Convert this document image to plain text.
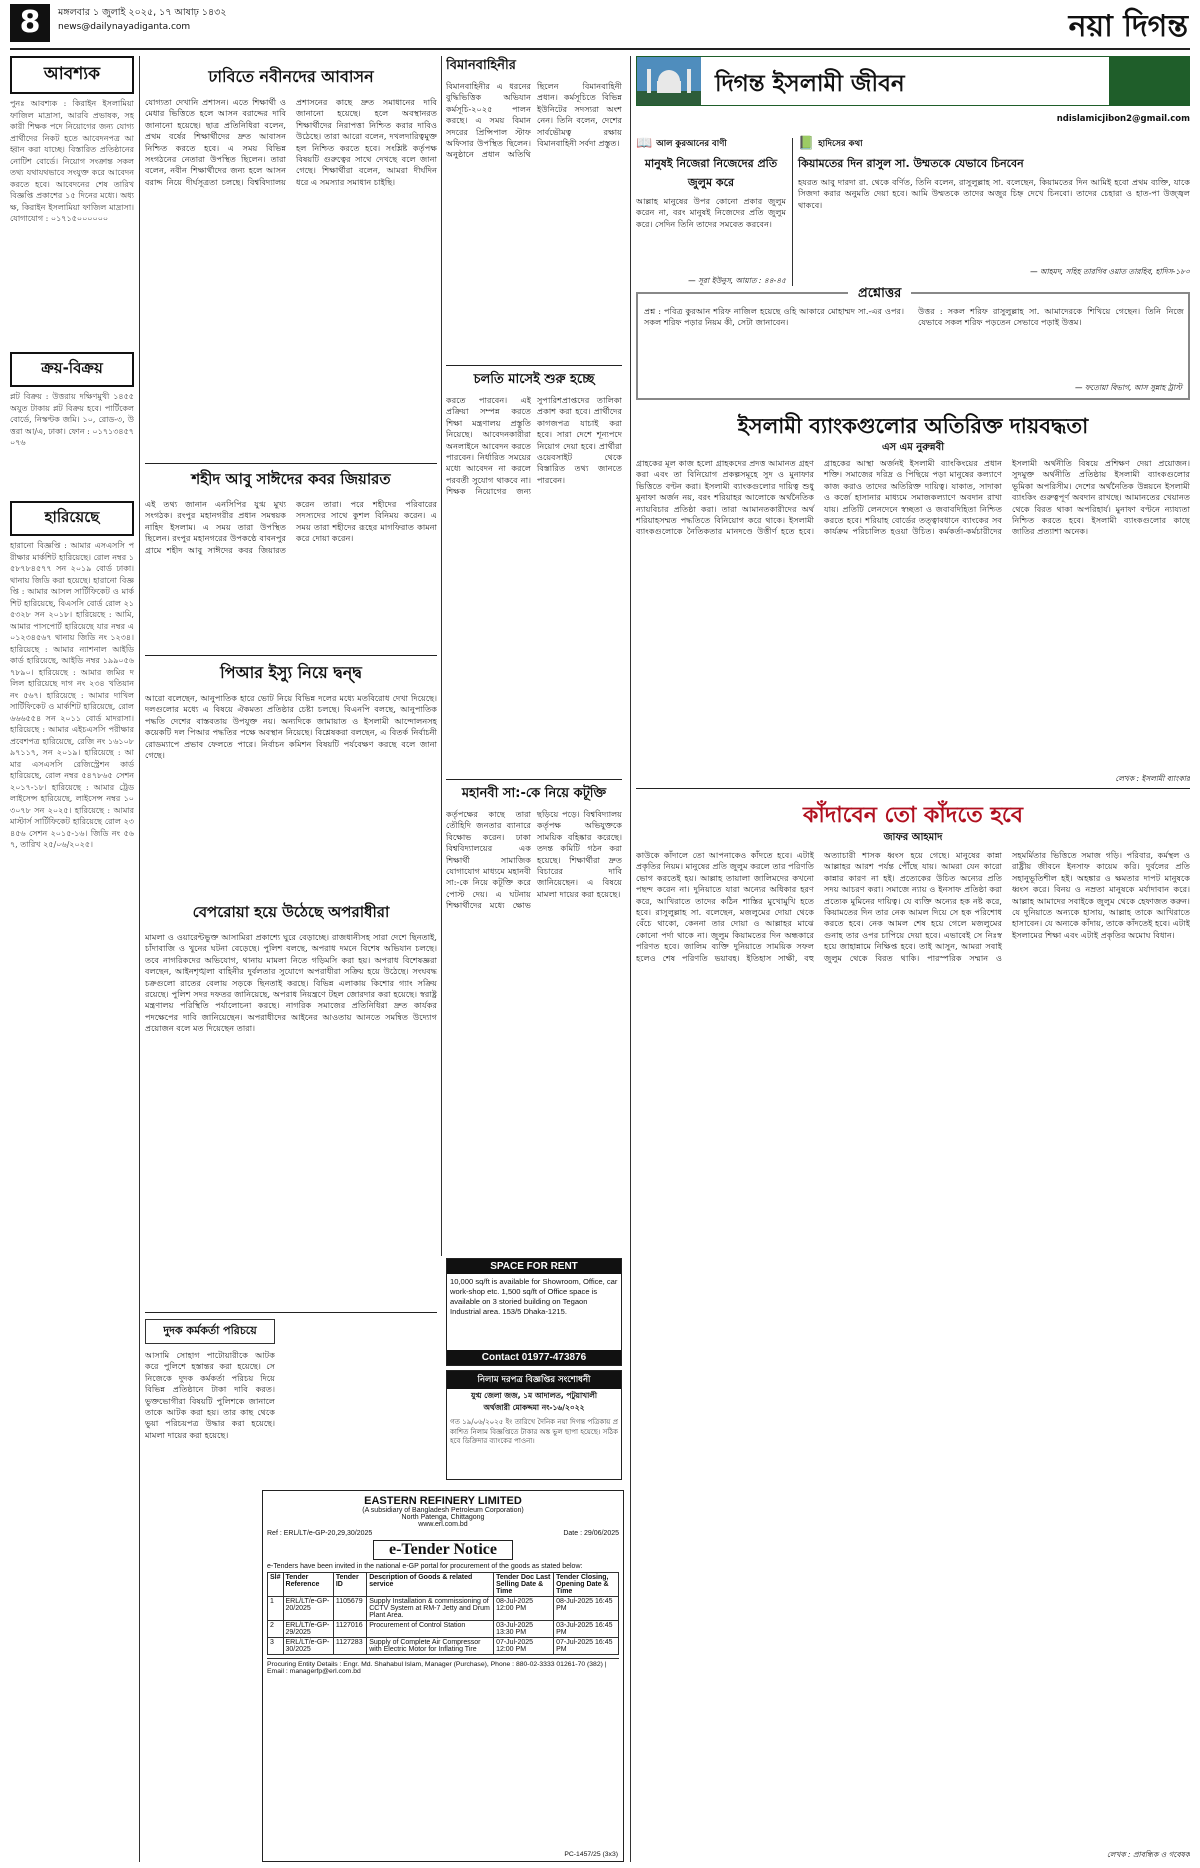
8	মঙ্গলবার ১ জুলাই ২০২৫, ১৭ আষাঢ় ১৪৩২
news@dailynayadiganta.com	নয়া দিগন্ত
আবশ্যক
পুনঃ আবশ্যক : কিরাইন ইসলামিয়া ফাজিল মাদ্রাসা, আরবি প্রভাষক, সহকারী শিক্ষক পদে নিয়োগের জন্য যোগ্য প্রার্থীদের নিকট হতে আবেদনপত্র আহ্বান করা যাচ্ছে। বিস্তারিত প্রতিষ্ঠানের নোটিশ বোর্ডে। নিয়োগ সংক্রান্ত সকল তথ্য যথাযথভাবে সংযুক্ত করে আবেদন করতে হবে। আবেদনের শেষ তারিখ বিজ্ঞপ্তি প্রকাশের ১৫ দিনের মধ্যে। অধ্যক্ষ, কিরাইন ইসলামিয়া ফাজিল মাদ্রাসা। যোগাযোগ : ০১৭১৫০০০০০০
ক্রয়-বিক্রয়
প্লট বিক্রয় : উত্তরায় দক্ষিণমুখী ১৪৫৫ অযুত টাকায় প্লট বিক্রয় হবে। পার্টিকেল বোর্ডে, নিস্কণ্টক জমি। ১০, রোড-৩, উত্তরা আ/এ, ঢাকা। ফোন : ০১৭১৩৪৫৭০৭৬
হারিয়েছে
হারানো বিজ্ঞপ্তি : আমার এসএসসি পরীক্ষার মার্কশিট হারিয়েছে। রোল নম্বর ১৫৮৭৮৪৫৭৭ সন ২০১৯ বোর্ড ঢাকা। থানায় জিডি করা হয়েছে। হারানো বিজ্ঞপ্তি : আমার আসল সার্টিফিকেট ও মার্কশিট হারিয়েছে, বিএসসি বোর্ড রোল ২১৫৩২৮ সন ২০১৮। হারিয়েছে : আমি, আমার পাসপোর্ট হারিয়েছে যার নম্বর এ০১২৩৪৫৬৭ থানায় জিডি নং ১২৩৪। হারিয়েছে : আমার ন্যাশনাল আইডি কার্ড হারিয়েছে, আইডি নম্বর ১৯৯০৫৬৭৮৯০। হারিয়েছে : আমার জমির দলিল হারিয়েছে দাগ নং ২৩৪ খতিয়ান নং ৫৬৭। হারিয়েছে : আমার দাখিল সার্টিফিকেট ও মার্কশিট হারিয়েছে, রোল ৬৬৬৫৫৪ সন ২০১১ বোর্ড মাদরাসা। হারিয়েছে : আমার এইচএসসি পরীক্ষার প্রবেশপত্র হারিয়েছে, রেজি নং ১৬১০৮৯৭১১৭, সন ২০১৯। হারিয়েছে : আমার এসএসসি রেজিস্ট্রেশন কার্ড হারিয়েছে, রোল নম্বর ৫৪৭৮৬৫ সেশন ২০১৭-১৮। হারিয়েছে : আমার ট্রেড লাইসেন্স হারিয়েছে, লাইসেন্স নম্বর ১০৩০৭৮ সন ২০২৫। হারিয়েছে : আমার মাস্টার্স সার্টিফিকেট হারিয়েছে রোল ২৩৪৫৬ সেশন ২০১৫-১৬। জিডি নং ৫৬৭, তারিখ ২৫/০৬/২০২৫।
ঢাবিতে নবীনদের আবাসন
যোগ্যতা দেখানি প্রশাসন। এতে শিক্ষার্থী ও মেধার ভিত্তিতে হলে আসন বরাদ্দের দাবি জানানো হয়েছে। ছাত্র প্রতিনিধিরা বলেন, প্রথম বর্ষের শিক্ষার্থীদের দ্রুত আবাসন নিশ্চিত করতে হবে। এ সময় বিভিন্ন সংগঠনের নেতারা উপস্থিত ছিলেন। তারা বলেন, নবীন শিক্ষার্থীদের জন্য হলে আসন বরাদ্দ নিয়ে দীর্ঘসূত্রতা চলছে। বিশ্ববিদ্যালয় প্রশাসনের কাছে দ্রুত সমাধানের দাবি জানানো হয়েছে। হলে অবস্থানরত শিক্ষার্থীদের নিরাপত্তা নিশ্চিত করার দাবিও উঠেছে। তারা আরো বলেন, দখলদারিত্বমুক্ত হল নিশ্চিত করতে হবে। সংশ্লিষ্ট কর্তৃপক্ষ বিষয়টি গুরুত্বের সাথে দেখছে বলে জানা গেছে। শিক্ষার্থীরা বলেন, আমরা দীর্ঘদিন ধরে এ সমস্যার সমাধান চাইছি।
শহীদ আবু সাঈদের কবর জিয়ারত
এই তথ্য জানান এনসিপির যুগ্ম মুখ্য সংগঠক। রংপুর মহানগরীর প্রধান সমন্বয়ক নাহিদ ইসলাম। এ সময় তারা উপস্থিত ছিলেন। রংপুর মহানগরের উপকণ্ঠে বাবনপুর গ্রামে শহীদ আবু সাঈদের কবর জিয়ারত করেন তারা। পরে শহীদের পরিবারের সদস্যদের সাথে কুশল বিনিময় করেন। এ সময় তারা শহীদের রূহের মাগফিরাত কামনা করে দোয়া করেন।
পিআর ইস্যু নিয়ে দ্বন্দ্ব
আরো বলেছেন, আনুপাতিক হারে ভোট নিয়ে বিভিন্ন দলের মধ্যে মতবিরোধ দেখা দিয়েছে। দলগুলোর মধ্যে এ বিষয়ে ঐকমত্য প্রতিষ্ঠার চেষ্টা চলছে। বিএনপি বলছে, আনুপাতিক পদ্ধতি দেশের বাস্তবতায় উপযুক্ত নয়। অন্যদিকে জামায়াত ও ইসলামী আন্দোলনসহ কয়েকটি দল পিআর পদ্ধতির পক্ষে অবস্থান নিয়েছে। বিশ্লেষকরা বলছেন, এ বিতর্ক নির্বাচনী রোডম্যাপে প্রভাব ফেলতে পারে। নির্বাচন কমিশন বিষয়টি পর্যবেক্ষণ করছে বলে জানা গেছে।
বেপরোয়া হয়ে উঠেছে অপরাধীরা
মামলা ও ওয়ারেন্টভুক্ত আসামিরা প্রকাশ্যে ঘুরে বেড়াচ্ছে। রাজধানীসহ সারা দেশে ছিনতাই, চাঁদাবাজি ও খুনের ঘটনা বেড়েছে। পুলিশ বলছে, অপরাধ দমনে বিশেষ অভিযান চলছে। তবে নাগরিকদের অভিযোগ, থানায় মামলা নিতে গড়িমসি করা হয়। অপরাধ বিশেষজ্ঞরা বলছেন, আইনশৃঙ্খলা বাহিনীর দুর্বলতার সুযোগে অপরাধীরা সক্রিয় হয়ে উঠেছে। সংঘবদ্ধ চক্রগুলো রাতের বেলায় সড়কে ছিনতাই করছে। বিভিন্ন এলাকায় কিশোর গ্যাং সক্রিয় রয়েছে। পুলিশ সদর দফতর জানিয়েছে, অপরাধ নিয়ন্ত্রণে টহল জোরদার করা হয়েছে। স্বরাষ্ট্র মন্ত্রণালয় পরিস্থিতি পর্যালোচনা করছে। নাগরিক সমাজের প্রতিনিধিরা দ্রুত কার্যকর পদক্ষেপের দাবি জানিয়েছেন। অপরাধীদের আইনের আওতায় আনতে সমন্বিত উদ্যোগ প্রয়োজন বলে মত দিয়েছেন তারা।
দুদক কর্মকর্তা পরিচয়ে
আসামি সোহাগ পাটোয়ারীকে আটক করে পুলিশে হস্তান্তর করা হয়েছে। সে নিজেকে দুদক কর্মকর্তা পরিচয় দিয়ে বিভিন্ন প্রতিষ্ঠানে টাকা দাবি করত। ভুক্তভোগীরা বিষয়টি পুলিশকে জানালে তাকে আটক করা হয়। তার কাছ থেকে ভুয়া পরিচয়পত্র উদ্ধার করা হয়েছে। মামলা দায়ের করা হয়েছে।
বিমানবাহিনীর
বিমানবাহিনীর এ ধরনের বুদ্ধিভিত্তিক অভিযান কর্মসূচি-২০২৫ পালন করছে। এ সময় বিমান সদরের প্রিন্সিপাল স্টাফ অফিসার উপস্থিত ছিলেন। অনুষ্ঠানে প্রধান অতিথি ছিলেন বিমানবাহিনী প্রধান। কর্মসূচিতে বিভিন্ন ইউনিটের সদস্যরা অংশ নেন। তিনি বলেন, দেশের সার্বভৌমত্ব রক্ষায় বিমানবাহিনী সর্বদা প্রস্তুত।
চলতি মাসেই শুরু হচ্ছে
করতে পারবেন। এই প্রক্রিয়া সম্পন্ন করতে শিক্ষা মন্ত্রণালয় প্রস্তুতি নিয়েছে। আবেদনকারীরা অনলাইনে আবেদন করতে পারবেন। নির্ধারিত সময়ের মধ্যে আবেদন না করলে পরবর্তী সুযোগ থাকবে না। শিক্ষক নিয়োগের জন্য সুপারিশপ্রাপ্তদের তালিকা প্রকাশ করা হবে। প্রার্থীদের কাগজপত্র যাচাই করা হবে। সারা দেশে শূন্যপদে নিয়োগ দেয়া হবে। প্রার্থীরা ওয়েবসাইট থেকে বিস্তারিত তথ্য জানতে পারবেন।
মহানবী সা:-কে নিয়ে কটূক্তি
কর্তৃপক্ষের কাছে তারা তৌহিদি জনতার ব্যানারে বিক্ষোভ করেন। ঢাকা বিশ্ববিদ্যালয়ের এক শিক্ষার্থী সামাজিক যোগাযোগ মাধ্যমে মহানবী সা:-কে নিয়ে কটূক্তি করে পোস্ট দেয়। এ ঘটনায় শিক্ষার্থীদের মধ্যে ক্ষোভ ছড়িয়ে পড়ে। বিশ্ববিদ্যালয় কর্তৃপক্ষ অভিযুক্তকে সাময়িক বহিষ্কার করেছে। তদন্ত কমিটি গঠন করা হয়েছে। শিক্ষার্থীরা দ্রুত বিচারের দাবি জানিয়েছেন। এ বিষয়ে মামলা দায়ের করা হয়েছে।
SPACE FOR RENT
10,000 sq/ft is available for Showroom, Office, car work-shop etc. 1,500 sq/ft of Office space is available on 3 storied building on Tegaon Industrial area. 153/5 Dhaka-1215.
Contact 01977-473876
নিলাম দরপত্র বিজ্ঞপ্তির সংশোধনী
যুগ্ম জেলা জজ, ১ম আদালত, পটুয়াখালী
অর্থজারী মোকদ্দমা নং-১৬/২০২২
গত ১৯/০৬/২০২৫ ইং তারিখে দৈনিক নয়া দিগন্ত পত্রিকায় প্রকাশিত নিলাম বিজ্ঞপ্তিতে টাকার অঙ্ক ভুল ছাপা হয়েছে। সঠিক হবে ডিক্রিদার ব্যাংকের পাওনা।
EASTERN REFINERY LIMITED
(A subsidiary of Bangladesh Petroleum Corporation)
North Patenga, Chittagong
www.erl.com.bd
Ref : ERL/LT/e-GP-20,29,30/2025	Date : 29/06/2025
e-Tender Notice
e-Tenders have been invited in the national e-GP portal for procurement of the goods as stated below:
Sl#	Tender Reference	Tender ID	Description of Goods & related service	Tender Doc Last Selling Date & Time	Tender Closing, Opening Date & Time
1	ERL/LT/e-GP-20/2025	1105679	Supply Installation & commissioning of CCTV System at RM-7 Jetty and Drum Plant Area.	08-Jul-2025 12:00 PM	08-Jul-2025 16:45 PM
2	ERL/LT/e-GP-29/2025	1127016	Procurement of Control Station	03-Jul-2025 13:30 PM	03-Jul-2025 16:45 PM
3	ERL/LT/e-GP-30/2025	1127283	Supply of Complete Air Compressor with Electric Motor for Inflating Tire	07-Jul-2025 12:00 PM	07-Jul-2025 16:45 PM
Procuring Entity Details : Engr. Md. Shahabul Islam, Manager (Purchase), Phone : 880-02-3333 01261-70 (382) | Email : managerfp@erl.com.bd
PC-1457/25 (3x3)
দিগন্ত ইসলামী জীবন
ndislamicjibon2@gmail.com
📖 আল কুরআনের বাণী
মানুষই নিজেরা নিজেদের প্রতি জুলুম করে
আল্লাহ মানুষের উপর কোনো প্রকার জুলুম করেন না, বরং মানুষই নিজেদের প্রতি জুলুম করে। সেদিন তিনি তাদের সমবেত করবেন।
— সূরা ইউনুস, আয়াত : ৪৪-৪৫
📗 হাদিসের কথা
কিয়ামতের দিন রাসুল সা. উম্মতকে যেভাবে চিনবেন
হযরত আবু দারদা রা. থেকে বর্ণিত, তিনি বলেন, রাসুলুল্লাহ সা. বলেছেন, কিয়ামতের দিন আমিই হবো প্রথম ব্যক্তি, যাকে সিজদা করার অনুমতি দেয়া হবে। আমি উম্মতকে তাদের অজুর চিহ্ন দেখে চিনবো। তাদের চেহারা ও হাত-পা উজ্জ্বল থাকবে।
— আহমদ, সহিহ তারগিব ওয়াত তারহিব, হাদিস-১৮০
প্রশ্নোত্তর
প্রশ্ন : পবিত্র কুরআন শরিফ নাজিল হয়েছে ওহি আকারে মোহাম্মদ সা.-এর ওপর। সকল শরিফ পড়ার নিয়ম কী, সেটা জানাবেন।
উত্তর : সকল শরিফ রাসুলুল্লাহ সা. আমাদেরকে শিখিয়ে গেছেন। তিনি নিজে যেভাবে সকল শরিফ পড়তেন সেভাবে পড়াই উত্তম।
— ফতোয়া বিভাগ, আস সুন্নাহ ট্রাস্ট
ইসলামী ব্যাংকগুলোর অতিরিক্ত দায়বদ্ধতা
এস এম নুরুন্নবী
গ্রাহকের মূল কাজ হলো গ্রাহকদের প্রদত্ত আমানত গ্রহণ করা এবং তা বিনিয়োগ প্রকল্পসমূহে সুদ ও মুনাফার ভিত্তিতে বণ্টন করা। ইসলামী ব্যাংকগুলোর দায়িত্ব শুধু মুনাফা অর্জন নয়, বরং শরিয়াহর আলোকে অর্থনৈতিক ন্যায়বিচার প্রতিষ্ঠা করা। তারা আমানতকারীদের অর্থ শরিয়াহসম্মত পদ্ধতিতে বিনিয়োগ করে থাকে। ইসলামী ব্যাংকগুলোকে নৈতিকতার মানদণ্ডে উত্তীর্ণ হতে হবে। গ্রাহকের আস্থা অর্জনই ইসলামী ব্যাংকিংয়ের প্রধান শক্তি। সমাজের দরিদ্র ও পিছিয়ে পড়া মানুষের কল্যাণে কাজ করাও তাদের অতিরিক্ত দায়িত্ব। যাকাত, সাদাকা ও কর্জে হাসানার মাধ্যমে সমাজকল্যাণে অবদান রাখা যায়। প্রতিটি লেনদেনে স্বচ্ছতা ও জবাবদিহিতা নিশ্চিত করতে হবে। শরিয়াহ বোর্ডের তত্ত্বাবধানে ব্যাংকের সব কার্যক্রম পরিচালিত হওয়া উচিত। কর্মকর্তা-কর্মচারীদের ইসলামী অর্থনীতি বিষয়ে প্রশিক্ষণ দেয়া প্রয়োজন। সুদমুক্ত অর্থনীতি প্রতিষ্ঠায় ইসলামী ব্যাংকগুলোর ভূমিকা অপরিসীম। দেশের অর্থনৈতিক উন্নয়নে ইসলামী ব্যাংকিং গুরুত্বপূর্ণ অবদান রাখছে। আমানতের খেয়ানত থেকে বিরত থাকা অপরিহার্য। মুনাফা বণ্টনে ন্যায্যতা নিশ্চিত করতে হবে। ইসলামী ব্যাংকগুলোর কাছে জাতির প্রত্যাশা অনেক।
লেখক : ইসলামী ব্যাংকার
কাঁদাবেন তো কাঁদতে হবে
জাফর আহমাদ
কাউকে কাঁদালে তো আপনাকেও কাঁদতে হবে। এটাই প্রকৃতির নিয়ম। মানুষের প্রতি জুলুম করলে তার পরিণতি ভোগ করতেই হয়। আল্লাহ তায়ালা জালিমদের কখনো পছন্দ করেন না। দুনিয়াতে যারা অন্যের অধিকার হরণ করে, আখিরাতে তাদের কঠিন শাস্তির মুখোমুখি হতে হবে। রাসুলুল্লাহ সা. বলেছেন, মজলুমের দোয়া থেকে বেঁচে থাকো, কেননা তার দোয়া ও আল্লাহর মাঝে কোনো পর্দা থাকে না। জুলুম কিয়ামতের দিন অন্ধকারে পরিণত হবে। জালিম ব্যক্তি দুনিয়াতে সাময়িক সফল হলেও শেষ পরিণতি ভয়াবহ। ইতিহাস সাক্ষী, বহু অত্যাচারী শাসক ধ্বংস হয়ে গেছে। মানুষের কান্না আল্লাহর আরশ পর্যন্ত পৌঁছে যায়। আমরা যেন কারো কান্নার কারণ না হই। প্রত্যেকের উচিত অন্যের প্রতি সদয় আচরণ করা। সমাজে ন্যায় ও ইনসাফ প্রতিষ্ঠা করা প্রত্যেক মুমিনের দায়িত্ব। যে ব্যক্তি অন্যের হক নষ্ট করে, কিয়ামতের দিন তার নেক আমল দিয়ে সে হক পরিশোধ করতে হবে। নেক আমল শেষ হয়ে গেলে মজলুমের গুনাহ তার ওপর চাপিয়ে দেয়া হবে। এভাবেই সে নিঃস্ব হয়ে জাহান্নামে নিক্ষিপ্ত হবে। তাই আসুন, আমরা সবাই জুলুম থেকে বিরত থাকি। পারস্পরিক সম্মান ও সহমর্মিতার ভিত্তিতে সমাজ গড়ি। পরিবার, কর্মস্থল ও রাষ্ট্রীয় জীবনে ইনসাফ কায়েম করি। দুর্বলের প্রতি সহানুভূতিশীল হই। অহঙ্কার ও ক্ষমতার দাপট মানুষকে ধ্বংস করে। বিনয় ও নম্রতা মানুষকে মর্যাদাবান করে। আল্লাহ আমাদের সবাইকে জুলুম থেকে হেফাজত করুন। যে দুনিয়াতে অন্যকে হাসায়, আল্লাহ তাকে আখিরাতে হাসাবেন। যে অন্যকে কাঁদায়, তাকে কাঁদতেই হবে। এটাই ইসলামের শিক্ষা এবং এটাই প্রকৃতির অমোঘ বিধান।
লেখক : প্রাবন্ধিক ও গবেষক
